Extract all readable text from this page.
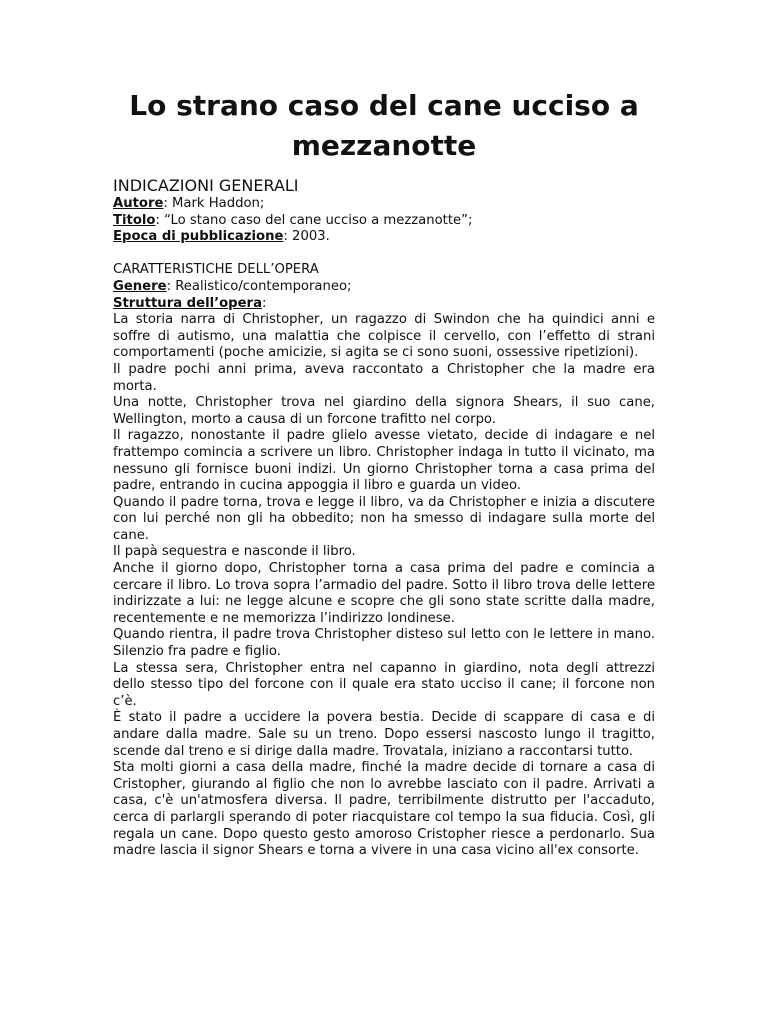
Lo strano caso del cane ucciso a mezzanotte
INDICAZIONI GENERALI

Autore: Mark Haddon;

Titolo: “Lo stano caso del cane ucciso a mezzanotte”;

Epoca di pubblicazione: 2003.

CARATTERISTICHE DELL’OPERA

Genere: Realistico/contemporaneo;

Struttura dell’opera:

La storia narra di Christopher, un ragazzo di Swindon che ha quindici anni e soffre di autismo, una malattia che colpisce il cervello, con l’effetto di strani comportamenti (poche amicizie, si agita se ci sono suoni, ossessive ripetizioni).

Il padre pochi anni prima, aveva raccontato a Christopher che la madre era morta.

Una notte, Christopher trova nel giardino della signora Shears, il suo cane, Wellington, morto a causa di un forcone trafitto nel corpo.

Il ragazzo, nonostante il padre glielo avesse vietato, decide di indagare e nel frattempo comincia a scrivere un libro. Christopher indaga in tutto il vicinato, ma nessuno gli fornisce buoni indizi. Un giorno Christopher torna a casa prima del padre, entrando in cucina appoggia il libro e guarda un video.

Quando il padre torna, trova e legge il libro, va da Christopher e inizia a discutere con lui perché non gli ha obbedito; non ha smesso di indagare sulla morte del cane.

Il papà sequestra e nasconde il libro.

Anche il giorno dopo, Christopher torna a casa prima del padre e comincia a cercare il libro. Lo trova sopra l’armadio del padre. Sotto il libro trova delle lettere indirizzate a lui: ne legge alcune e scopre che gli sono state scritte dalla madre, recentemente e ne memorizza l’indirizzo londinese.

Quando rientra, il padre trova Christopher disteso sul letto con le lettere in mano. Silenzio fra padre e figlio.

La stessa sera, Christopher entra nel capanno in giardino, nota degli attrezzi dello stesso tipo del forcone con il quale era stato ucciso il cane; il forcone non c’è.

È stato il padre a uccidere la povera bestia. Decide di scappare di casa e di andare dalla madre. Sale su un treno. Dopo essersi nascosto lungo il tragitto, scende dal treno e si dirige dalla madre. Trovatala, iniziano a raccontarsi tutto.

Sta molti giorni a casa della madre, finché la madre decide di tornare a casa di Cristopher, giurando al figlio che non lo avrebbe lasciato con il padre. Arrivati a casa, c'è un'atmosfera diversa. Il padre, terribilmente distrutto per l'accaduto, cerca di parlargli sperando di poter riacquistare col tempo la sua fiducia. Così, gli regala un cane. Dopo questo gesto amoroso Cristopher riesce a perdonarlo. Sua madre lascia il signor Shears e torna a vivere in una casa vicino all'ex consorte.
